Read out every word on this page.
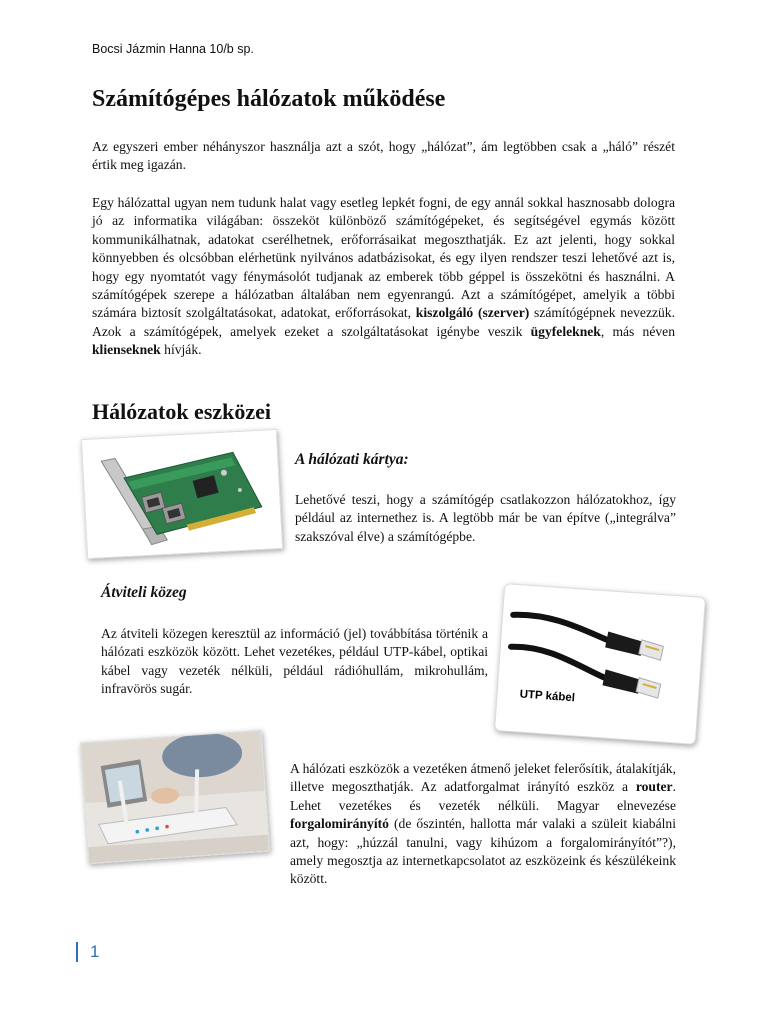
Bocsi Jázmin Hanna 10/b sp.
Számítógépes hálózatok működése

Az egyszeri ember néhányszor használja azt a szót, hogy „hálózat”, ám legtöbben csak a „háló” részét értik meg igazán.

Egy hálózattal ugyan nem tudunk halat vagy esetleg lepkét fogni, de egy annál sokkal hasznosabb dologra jó az informatika világában: összeköt különböző számítógépeket, és segítségével egymás között kommunikálhatnak, adatokat cserélhetnek, erőforrásaikat megoszthatják. Ez azt jelenti, hogy sokkal könnyebben és olcsóbban elérhetünk nyilvános adatbázisokat, és egy ilyen rendszer teszi lehetővé azt is, hogy egy nyomtatót vagy fénymásolót tudjanak az emberek több géppel is összekötni és használni. A számítógépek szerepe a hálózatban általában nem egyenrangú. Azt a számítógépet, amelyik a többi számára biztosít szolgáltatásokat, adatokat, erőforrásokat, kiszolgáló (szerver) számítógépnek nevezzük. Azok a számítógépek, amelyek ezeket a szolgáltatásokat igénybe veszik ügyfeleknek, más néven klienseknek hívják.

Hálózatok eszközei
A hálózati kártya:

Lehetővé teszi, hogy a számítógép csatlakozzon hálózatokhoz, így például az internethez is. A legtöbb már be van építve („integrálva” szakszóval élve) a számítógépbe.

Átviteli közeg

Az átviteli közegen keresztül az információ (jel) továbbítása történik a hálózati eszközök között. Lehet vezetékes, például UTP-kábel, optikai kábel vagy vezeték nélküli, például rádióhullám, mikrohullám, infravörös sugár.	UTP kábel

A hálózati eszközök a vezetéken átmenő jeleket felerősítik, átalakítják, illetve megoszthatják. Az adatforgalmat irányító eszköz a router. Lehet vezetékes és vezeték nélküli. Magyar elnevezése forgalomirányító (de őszintén, hallotta már valaki a szüleit kiabálni azt, hogy: „húzzál tanulni, vagy kihúzom a forgalomirányítót”?), amely megosztja az internetkapcsolatot az eszközeink és készülékeink között.

1
